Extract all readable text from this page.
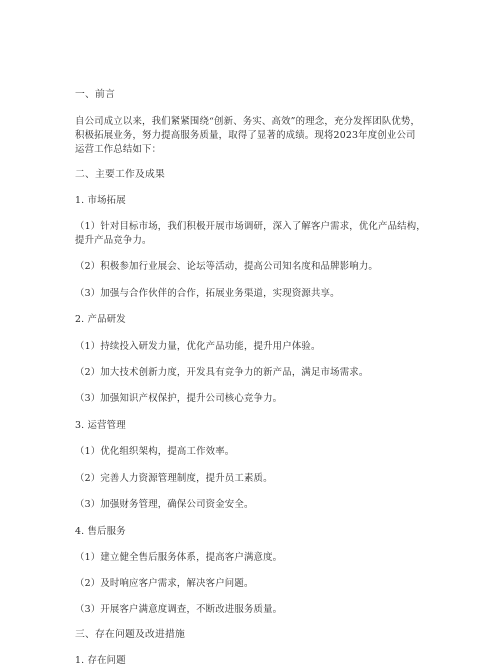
一、前言
自公司成立以来，我们紧紧围绕“创新、务实、高效”的理念，充分发挥团队优势，
积极拓展业务，努力提高服务质量，取得了显著的成绩。现将2023年度创业公司
运营工作总结如下：
二、主要工作及成果
1. 市场拓展
（1）针对目标市场，我们积极开展市场调研，深入了解客户需求，优化产品结构，
提升产品竞争力。
（2）积极参加行业展会、论坛等活动，提高公司知名度和品牌影响力。
（3）加强与合作伙伴的合作，拓展业务渠道，实现资源共享。
2. 产品研发
（1）持续投入研发力量，优化产品功能，提升用户体验。
（2）加大技术创新力度，开发具有竞争力的新产品，满足市场需求。
（3）加强知识产权保护，提升公司核心竞争力。
3. 运营管理
（1）优化组织架构，提高工作效率。
（2）完善人力资源管理制度，提升员工素质。
（3）加强财务管理，确保公司资金安全。
4. 售后服务
（1）建立健全售后服务体系，提高客户满意度。
（2）及时响应客户需求，解决客户问题。
（3）开展客户满意度调查，不断改进服务质量。
三、存在问题及改进措施
1. 存在问题
